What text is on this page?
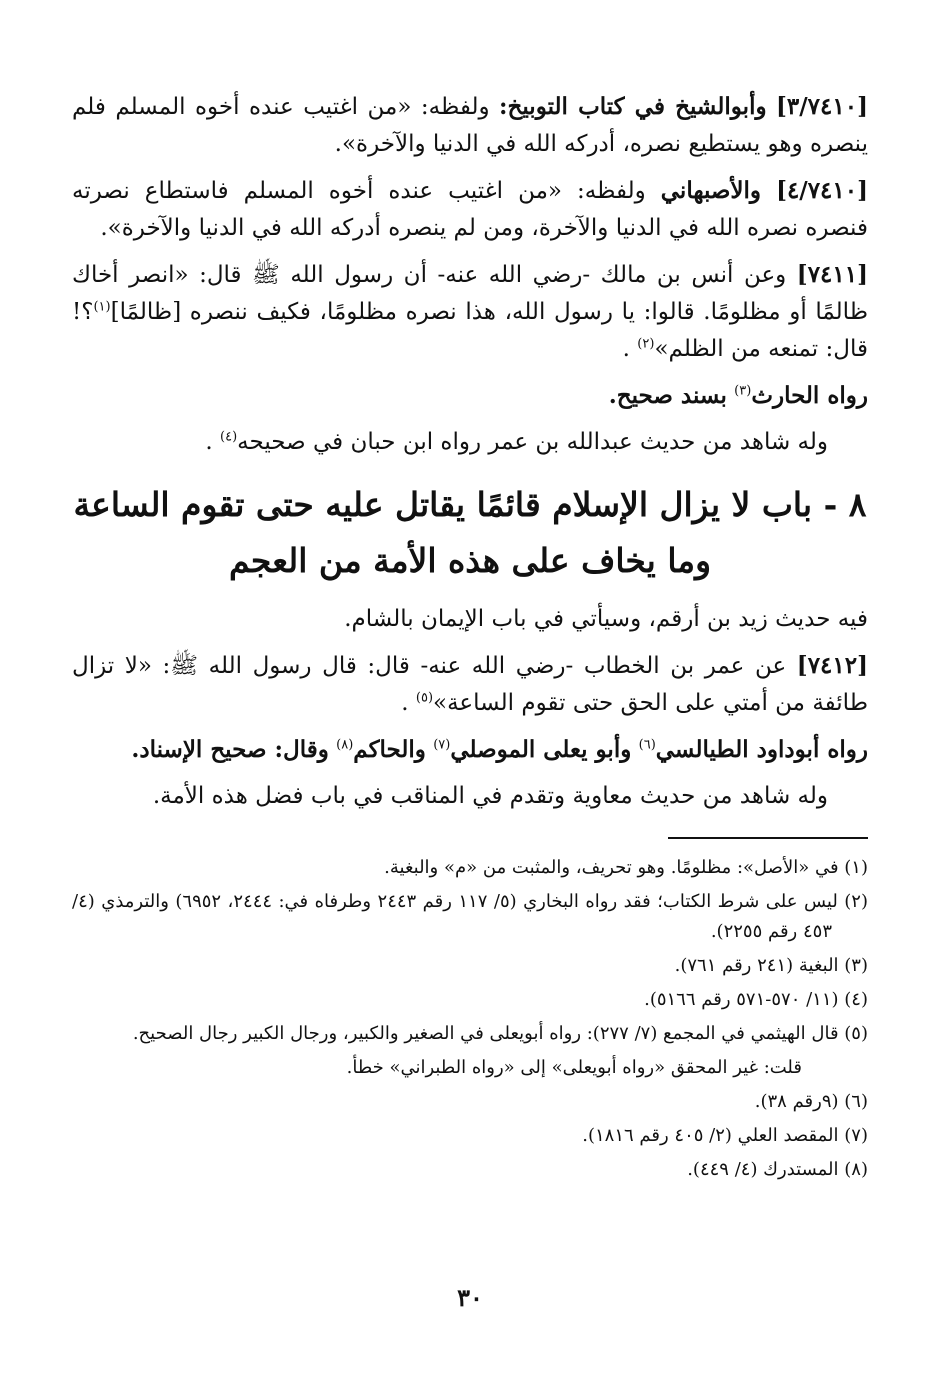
[٣/٧٤١٠] وأبوالشيخ في كتاب التوبيخ: ولفظه: «من اغتيب عنده أخوه المسلم فلم ينصره وهو يستطيع نصره، أدركه الله في الدنيا والآخرة».

[٤/٧٤١٠] والأصبهاني ولفظه: «من اغتيب عنده أخوه المسلم فاستطاع نصرته فنصره نصره الله في الدنيا والآخرة، ومن لم ينصره أدركه الله في الدنيا والآخرة».

[٧٤١١] وعن أنس بن مالك -رضي الله عنه- أن رسول الله ﷺ قال: «انصر أخاك ظالمًا أو مظلومًا. قالوا: يا رسول الله، هذا نصره مظلومًا، فكيف ننصره [ظالمًا]$^{(١)}$؟! قال: تمنعه من الظلم»$^{(٢)}$ .

رواه الحارث$^{(٣)}$ بسند صحيح.

وله شاهد من حديث عبدالله بن عمر رواه ابن حبان في صحيحه$^{(٤)}$ .

٨ - باب لا يزال الإسلام قائمًا يقاتل عليه حتى تقوم الساعة
وما يخاف على هذه الأمة من العجم

فيه حديث زيد بن أرقم، وسيأتي في باب الإيمان بالشام.

[٧٤١٢] عن عمر بن الخطاب -رضي الله عنه- قال: قال رسول الله ﷺ: «لا تزال طائفة من أمتي على الحق حتى تقوم الساعة»$^{(٥)}$ .

رواه أبوداود الطيالسي$^{(٦)}$ وأبو يعلى الموصلي$^{(٧)}$ والحاكم$^{(٨)}$ وقال: صحيح الإسناد.

وله شاهد من حديث معاوية وتقدم في المناقب في باب فضل هذه الأمة.

(١) في «الأصل»: مظلومًا. وهو تحريف، والمثبت من «م» والبغية.

(٢) ليس على شرط الكتاب؛ فقد رواه البخاري (٥/ ١١٧ رقم ٢٤٤٣ وطرفاه في: ٢٤٤٤، ٦٩٥٢) والترمذي (٤/ ٤٥٣ رقم ٢٢٥٥).

(٣) البغية (٢٤١ رقم ٧٦١).

(٤) (١١/ ٥٧٠-٥٧١ رقم ٥١٦٦).

(٥) قال الهيثمي في المجمع (٧/ ٢٧٧): رواه أبويعلى في الصغير والكبير، ورجال الكبير رجال الصحيح.

قلت: غير المحقق «رواه أبويعلى» إلى «رواه الطبراني» خطأ.

(٦) (٩رقم ٣٨).

(٧) المقصد العلي (٢/ ٤٠٥ رقم ١٨١٦).

(٨) المستدرك (٤/ ٤٤٩).

٣٠
